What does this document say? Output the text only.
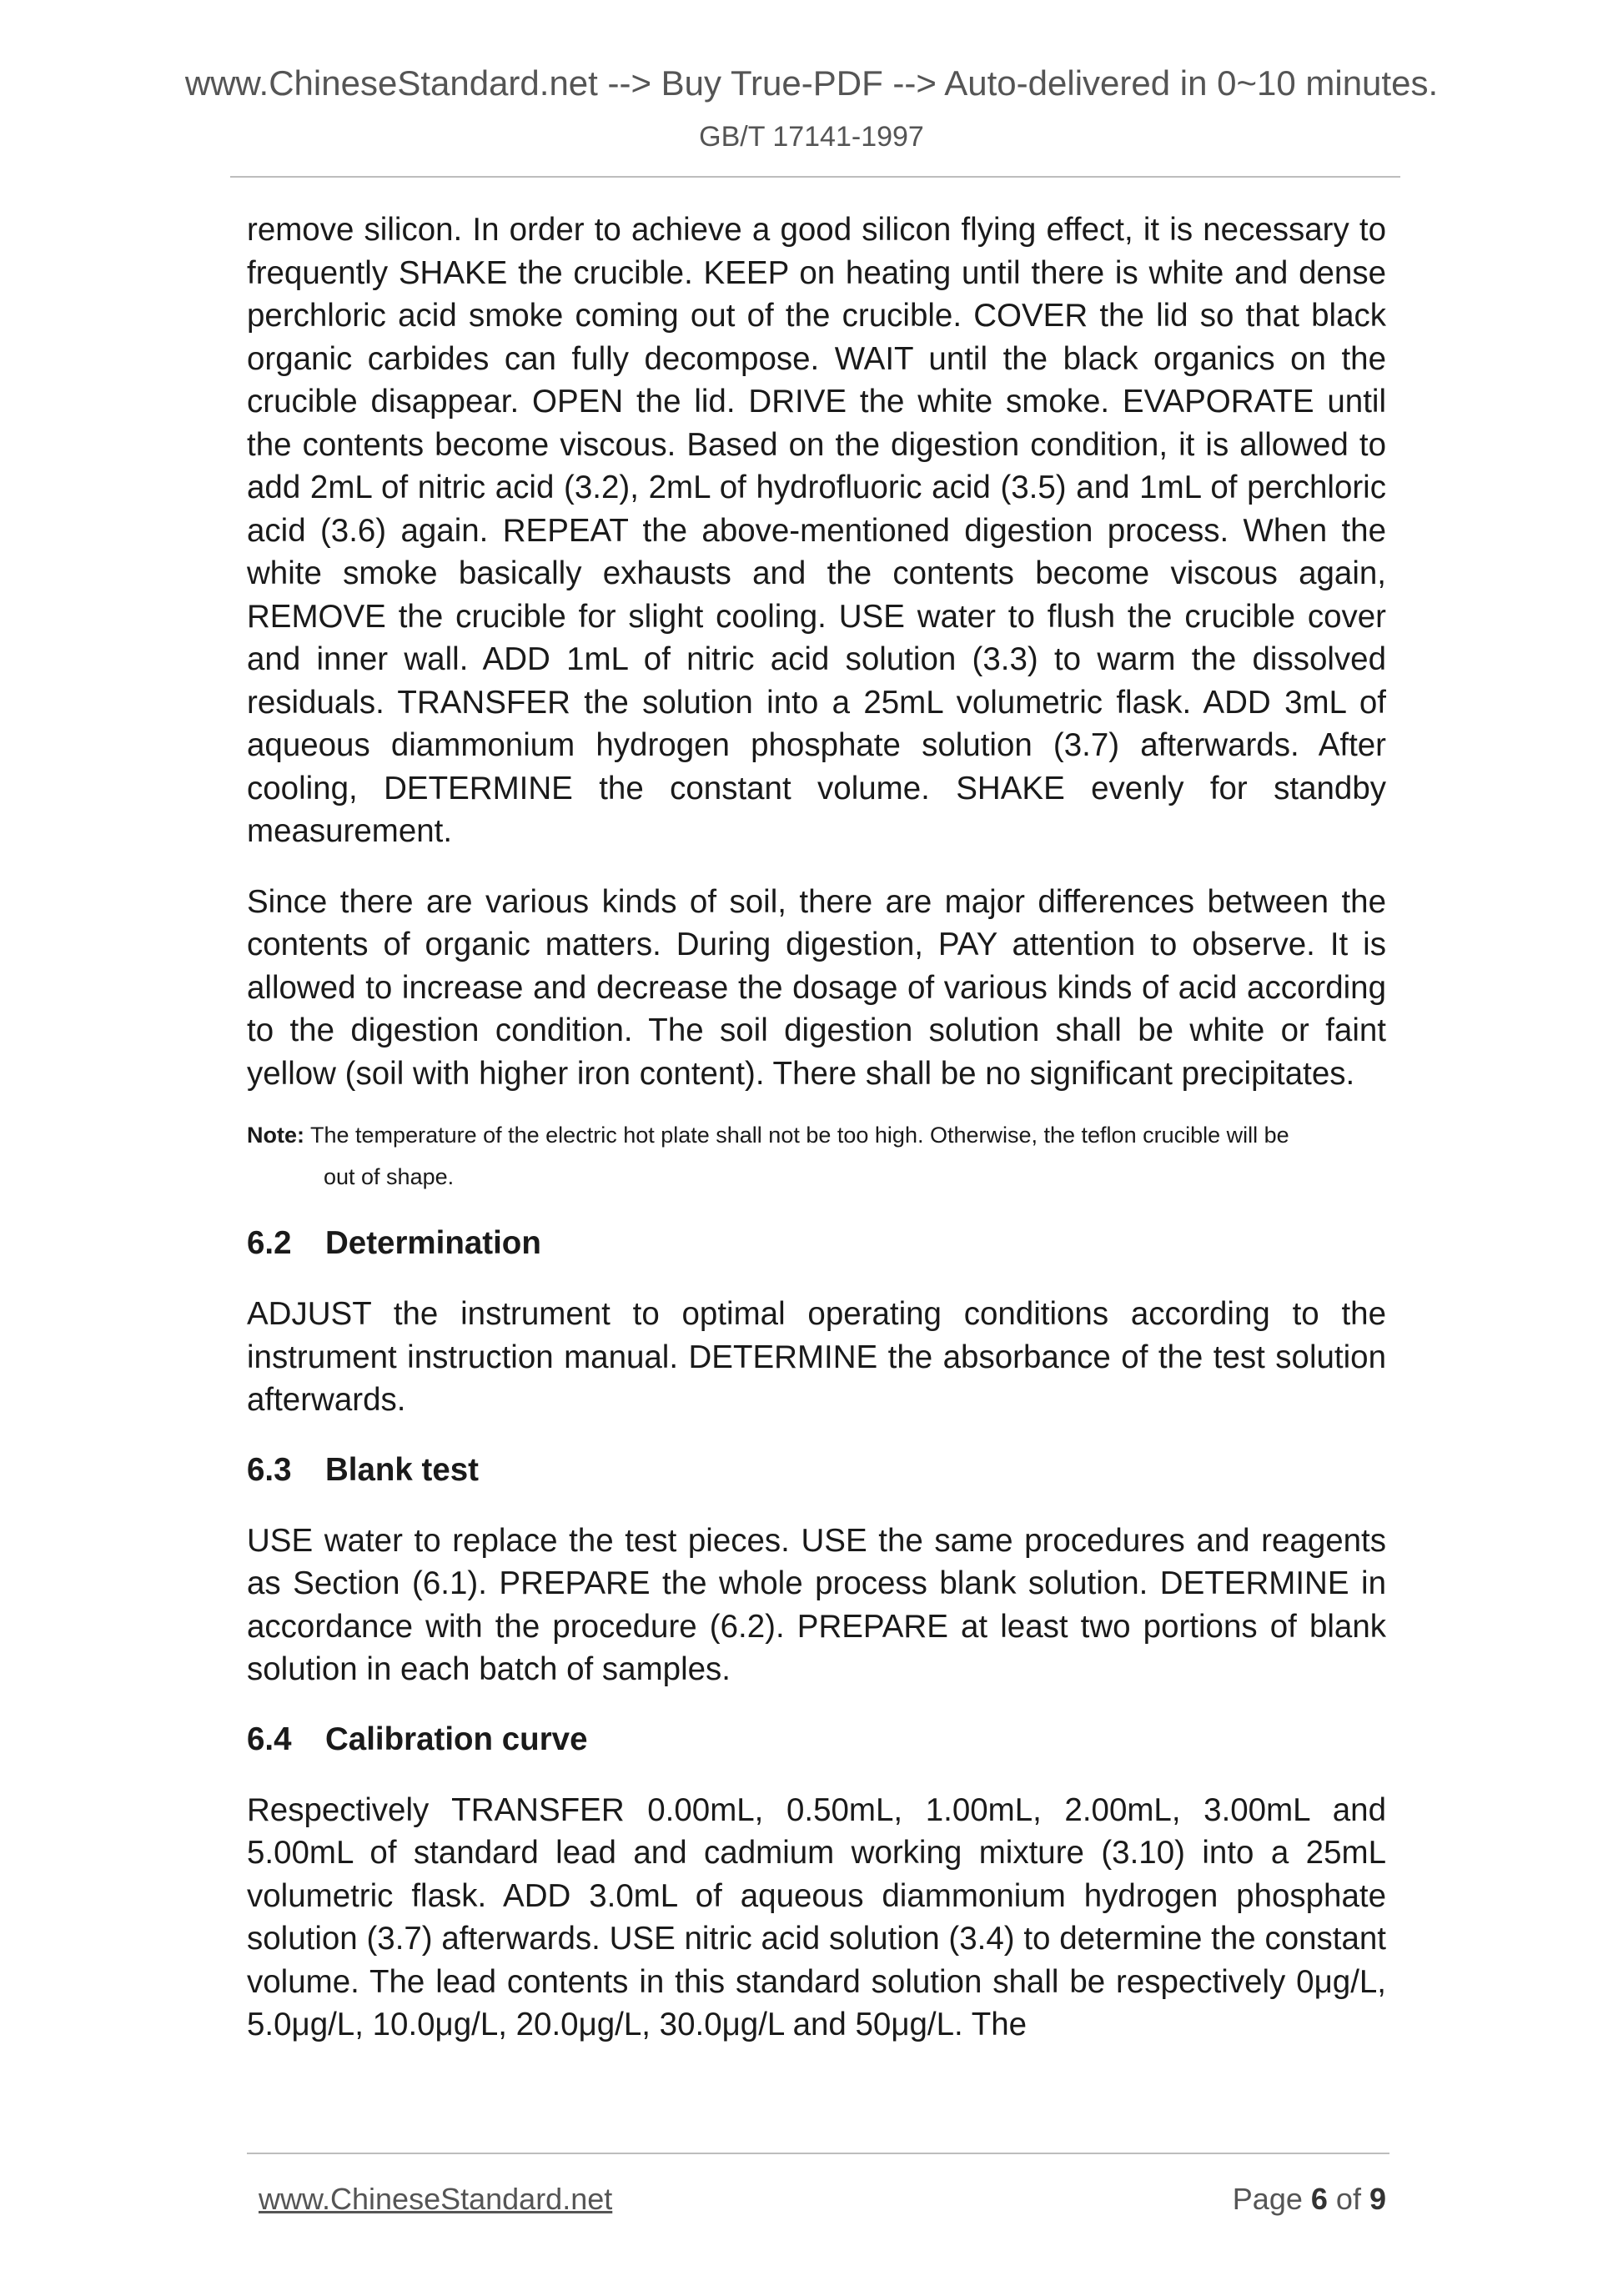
www.ChineseStandard.net --> Buy True-PDF --> Auto-delivered in 0~10 minutes.
GB/T 17141-1997

remove silicon. In order to achieve a good silicon flying effect, it is necessary to frequently SHAKE the crucible. KEEP on heating until there is white and dense perchloric acid smoke coming out of the crucible. COVER the lid so that black organic carbides can fully decompose. WAIT until the black organics on the crucible disappear. OPEN the lid. DRIVE the white smoke. EVAPORATE until the contents become viscous. Based on the digestion condition, it is allowed to add 2mL of nitric acid (3.2), 2mL of hydrofluoric acid (3.5) and 1mL of perchloric acid (3.6) again. REPEAT the above-mentioned digestion process. When the white smoke basically exhausts and the contents become viscous again, REMOVE the crucible for slight cooling. USE water to flush the crucible cover and inner wall. ADD 1mL of nitric acid solution (3.3) to warm the dissolved residuals. TRANSFER the solution into a 25mL volumetric flask. ADD 3mL of aqueous diammonium hydrogen phosphate solution (3.7) afterwards. After cooling, DETERMINE the constant volume. SHAKE evenly for standby measurement.

Since there are various kinds of soil, there are major differences between the contents of organic matters. During digestion, PAY attention to observe. It is allowed to increase and decrease the dosage of various kinds of acid according to the digestion condition. The soil digestion solution shall be white or faint yellow (soil with higher iron content). There shall be no significant precipitates.

Note: The temperature of the electric hot plate shall not be too high. Otherwise, the teflon crucible will be
out of shape.
6.2 Determination

ADJUST the instrument to optimal operating conditions according to the instrument instruction manual. DETERMINE the absorbance of the test solution afterwards.

6.3 Blank test

USE water to replace the test pieces. USE the same procedures and reagents as Section (6.1). PREPARE the whole process blank solution. DETERMINE in accordance with the procedure (6.2). PREPARE at least two portions of blank solution in each batch of samples.

6.4 Calibration curve

Respectively TRANSFER 0.00mL, 0.50mL, 1.00mL, 2.00mL, 3.00mL and 5.00mL of standard lead and cadmium working mixture (3.10) into a 25mL volumetric flask. ADD 3.0mL of aqueous diammonium hydrogen phosphate solution (3.7) afterwards. USE nitric acid solution (3.4) to determine the constant volume. The lead contents in this standard solution shall be respectively 0μg/L, 5.0μg/L, 10.0μg/L, 20.0μg/L, 30.0μg/L and 50μg/L. The

www.ChineseStandard.net	Page 6 of 9
